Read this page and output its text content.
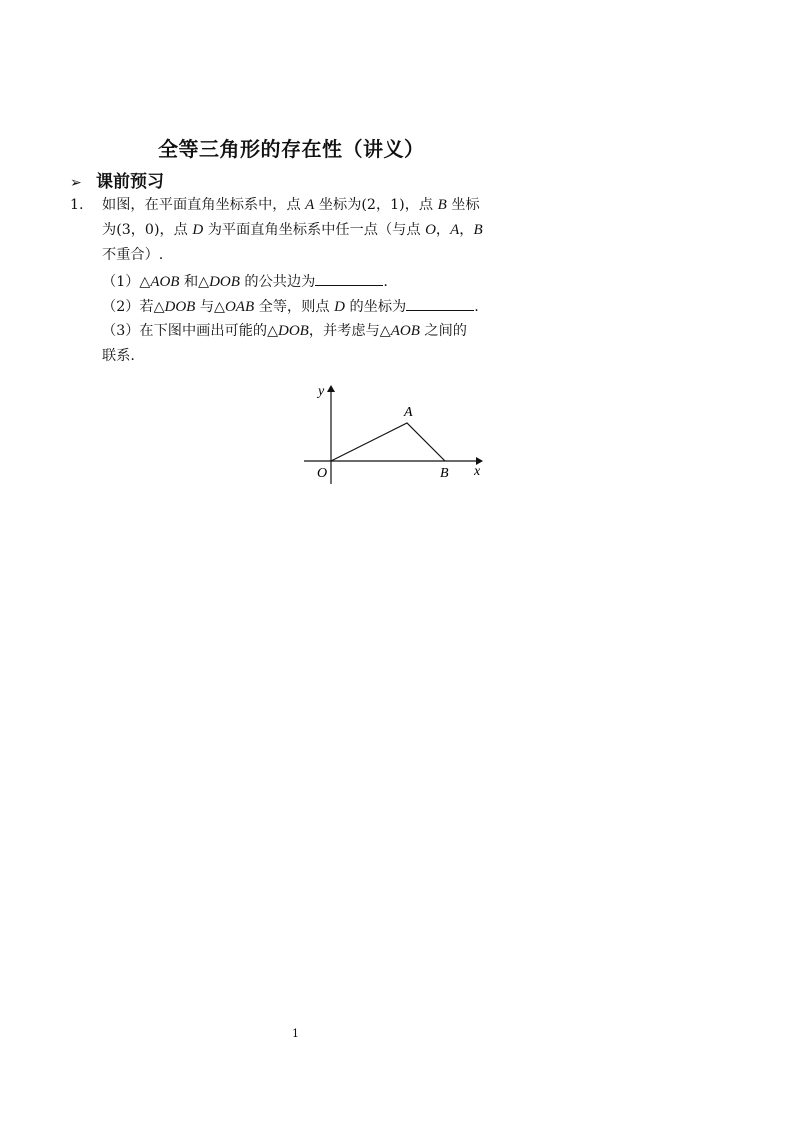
全等三角形的存在性（讲义）
➢ 课前预习
1. 如图，在平面直角坐标系中，点 A 坐标为(2，1)，点 B 坐标
为(3，0)，点 D 为平面直角坐标系中任一点（与点 O，A，B
不重合）.
（1）△AOB 和△DOB 的公共边为	.
（2）若△DOB 与△OAB 全等，则点 D 的坐标为	.
（3）在下图中画出可能的△DOB，并考虑与△AOB 之间的
联系.
y
x
O
A
B
1
